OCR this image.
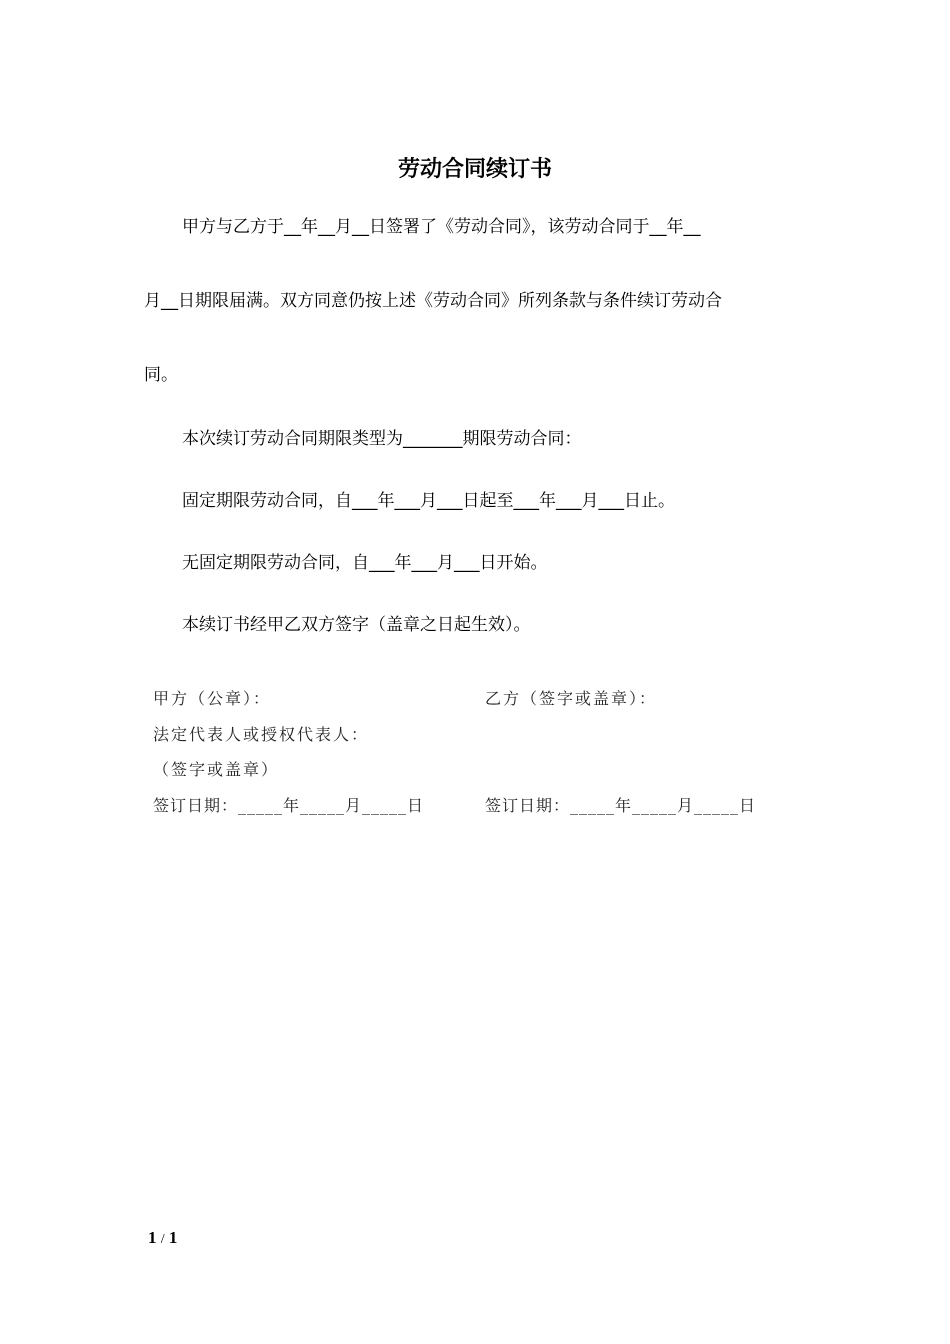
劳动合同续订书
甲方与乙方于__年__月__日签署了《劳动合同》，该劳动合同于__年__
月__日期限届满。双方同意仍按上述《劳动合同》所列条款与条件续订劳动合
同。
本次续订劳动合同期限类型为_______期限劳动合同：
固定期限劳动合同，自___年___月___日起至___年___月___日止。
无固定期限劳动合同，自___年___月___日开始。
本续订书经甲乙双方签字（盖章之日起生效）。
甲方（公章）：	乙方（签字或盖章）：
法定代表人或授权代表人：
（签字或盖章）
签订日期：_____年_____月_____日	签订日期：_____年_____月_____日
1 / 1
